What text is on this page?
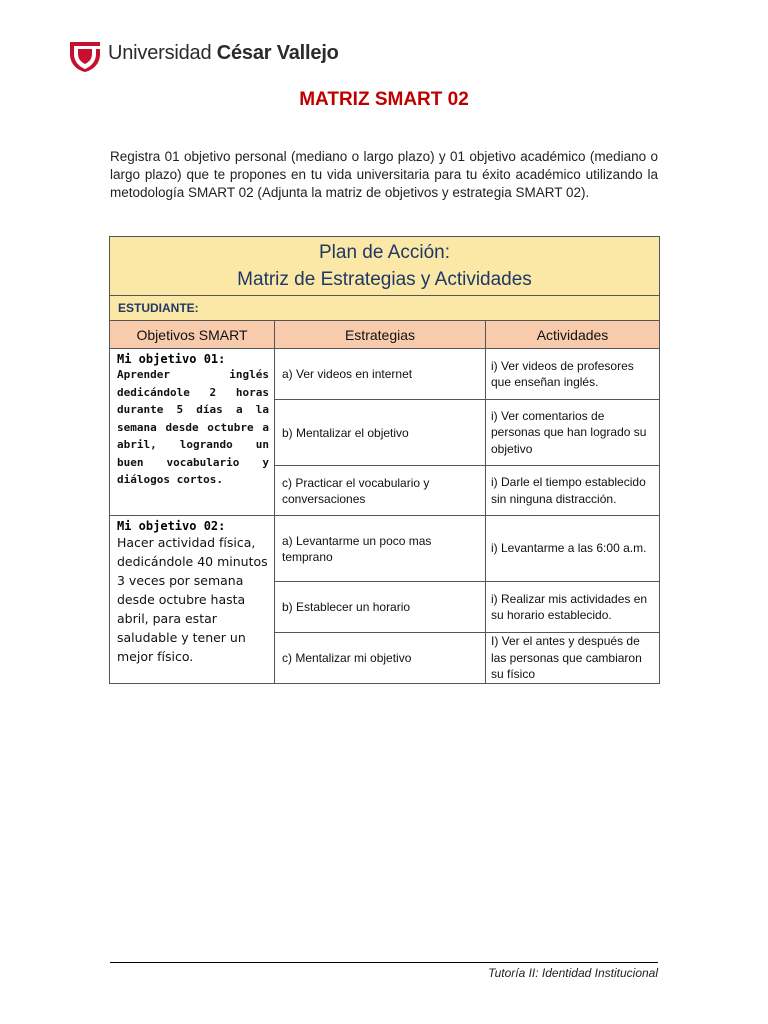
Universidad César Vallejo
MATRIZ SMART 02
Registra 01 objetivo personal (mediano o largo plazo) y 01 objetivo académico (mediano o largo plazo) que te propones en tu vida universitaria para tu éxito académico utilizando la metodología SMART 02 (Adjunta la matriz de objetivos y estrategia SMART 02).
Plan de Acción:
Matriz de Estrategias y Actividades		

ESTUDIANTE:		
Objetivos SMART	Estrategias	Actividades

Mi objetivo 01:
Aprender inglés dedicándole 2 horas durante 5 días a la semana desde octubre a abril, logrando un buen vocabulario y diálogos cortos.	a) Ver videos en internet	i) Ver videos de profesores que enseñan inglés.
	b) Mentalizar el objetivo	i) Ver comentarios de personas que han logrado su objetivo
	c) Practicar el vocabulario y conversaciones	i) Darle el tiempo establecido sin ninguna distracción.

Mi objetivo 02:
Hacer actividad física, dedicándole 40 minutos 3 veces por semana desde octubre hasta abril, para estar saludable y tener un mejor físico.	a) Levantarme un poco mas temprano	i) Levantarme a las 6:00 a.m.
	b) Establecer un horario	i) Realizar mis actividades en su horario establecido.
	c) Mentalizar mi objetivo	I) Ver el antes y después de las personas que cambiaron su físico
Tutoría II: Identidad Institucional
